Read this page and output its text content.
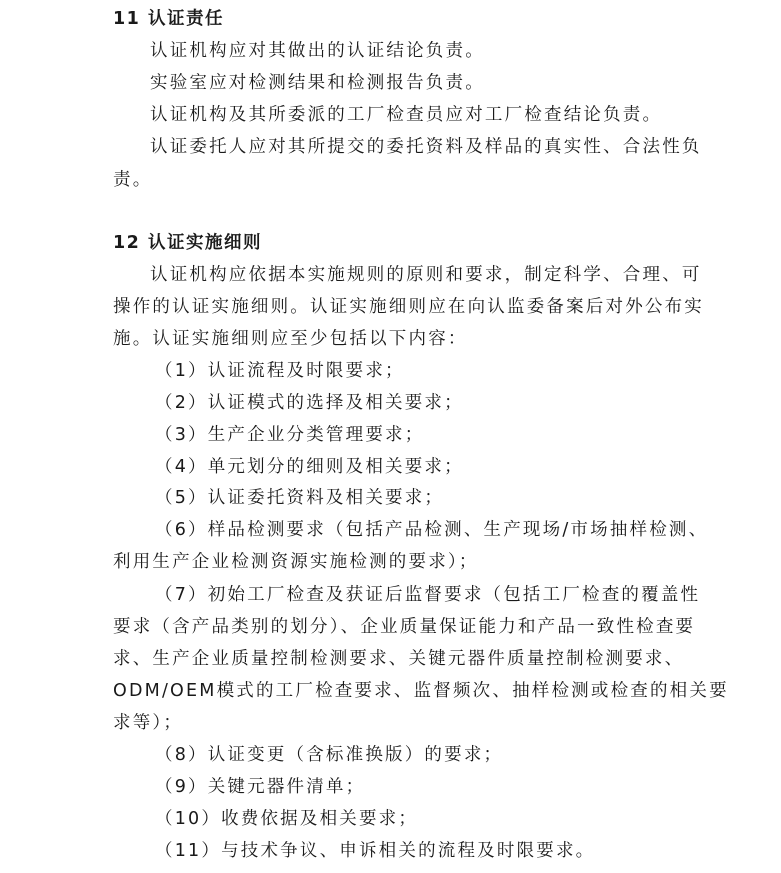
11 认证责任
认证机构应对其做出的认证结论负责。
实验室应对检测结果和检测报告负责。
认证机构及其所委派的工厂检查员应对工厂检查结论负责。
认证委托人应对其所提交的委托资料及样品的真实性、合法性负
责。
12 认证实施细则
认证机构应依据本实施规则的原则和要求，制定科学、合理、可
操作的认证实施细则。认证实施细则应在向认监委备案后对外公布实
施。认证实施细则应至少包括以下内容：
（1）认证流程及时限要求；
（2）认证模式的选择及相关要求；
（3）生产企业分类管理要求；
（4）单元划分的细则及相关要求；
（5）认证委托资料及相关要求；
（6）样品检测要求（包括产品检测、生产现场/市场抽样检测、
利用生产企业检测资源实施检测的要求）；
（7）初始工厂检查及获证后监督要求（包括工厂检查的覆盖性
要求（含产品类别的划分）、企业质量保证能力和产品一致性检查要
求、生产企业质量控制检测要求、关键元器件质量控制检测要求、
ODM/OEM模式的工厂检查要求、监督频次、抽样检测或检查的相关要
求等）；
（8）认证变更（含标准换版）的要求；
（9）关键元器件清单；
（10）收费依据及相关要求；
（11）与技术争议、申诉相关的流程及时限要求。
